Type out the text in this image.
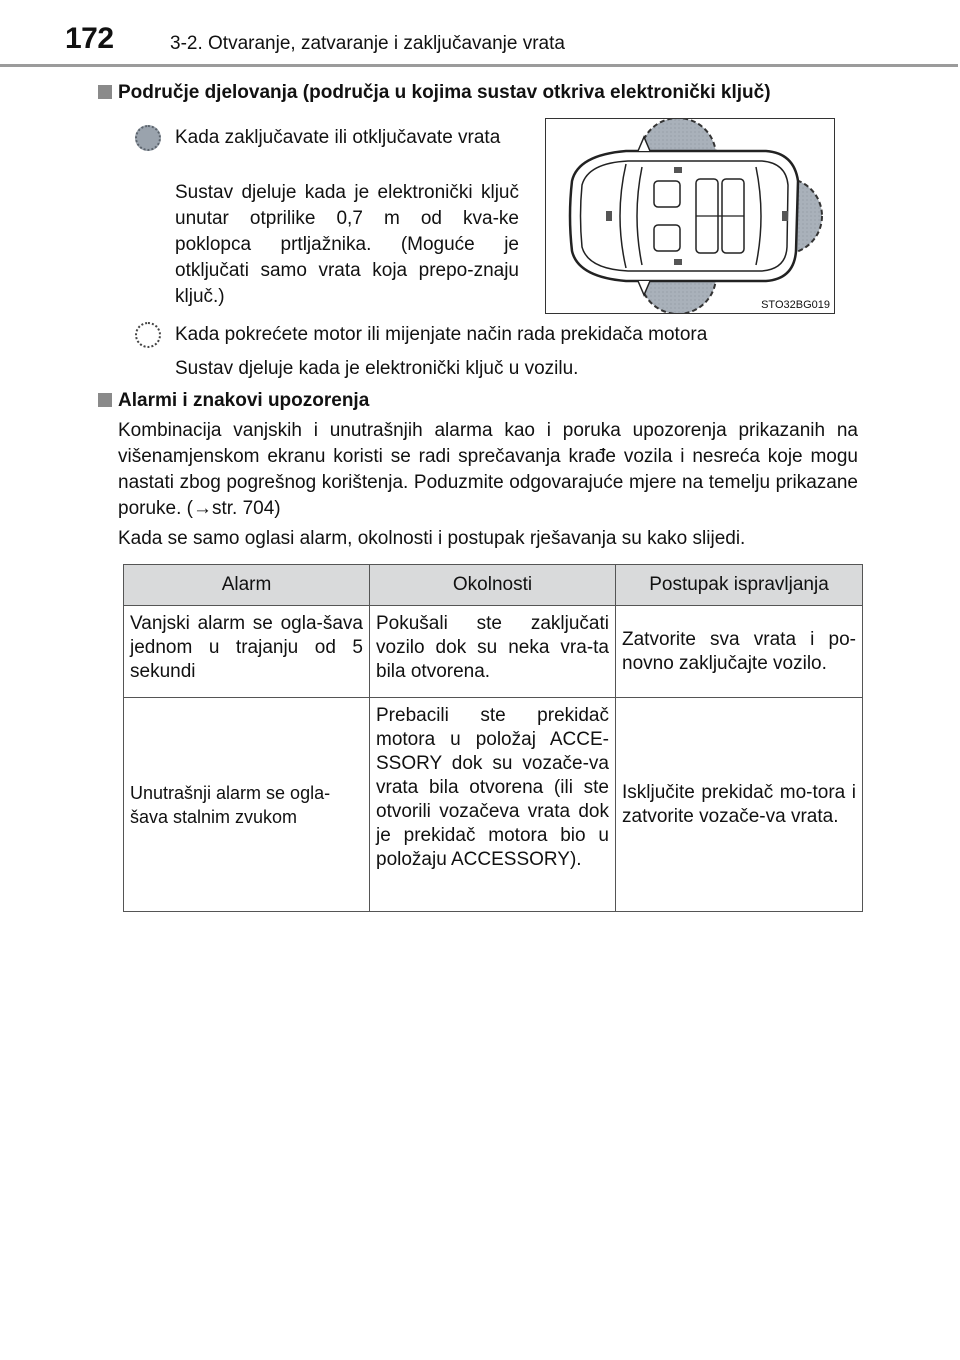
172	3-2. Otvaranje, zatvaranje i zaključavanje vrata
Područje djelovanja (područja u kojima sustav otkriva elektronički ključ)
Kada zaključavate ili otključavate vrata
Sustav djeluje kada je elektronički ključ unutar otprilike 0,7 m od kva-ke poklopca prtljažnika. (Moguće je otključati samo vrata koja prepo-znaju ključ.)	STO32BG019
Kada pokrećete motor ili mijenjate način rada prekidača motora
Sustav djeluje kada je elektronički ključ u vozilu.
Alarmi i znakovi upozorenja
Kombinacija vanjskih i unutrašnjih alarma kao i poruka upozorenja prikazanih na višenamjenskom ekranu koristi se radi sprečavanja krađe vozila i nesreća koje mogu nastati zbog pogrešnog korištenja. Poduzmite odgovarajuće mjere na temelju prikazane poruke. (→str. 704)
Kada se samo oglasi alarm, okolnosti i postupak rješavanja su kako slijedi.
Alarm	Okolnosti	Postupak ispravljanja
Vanjski alarm se ogla-šava jednom u trajanju od 5 sekundi	Pokušali ste zaključati vozilo dok su neka vra-ta bila otvorena.	Zatvorite sva vrata i po-novno zaključajte vozilo.
Unutrašnji alarm se ogla-šava stalnim zvukom	Prebacili ste prekidač motora u položaj ACCE-SSORY dok su vozače-va vrata bila otvorena (ili ste otvorili vozačeva vrata dok je prekidač motora bio u položaju ACCESSORY).	Isključite prekidač mo-tora i zatvorite vozače-va vrata.
